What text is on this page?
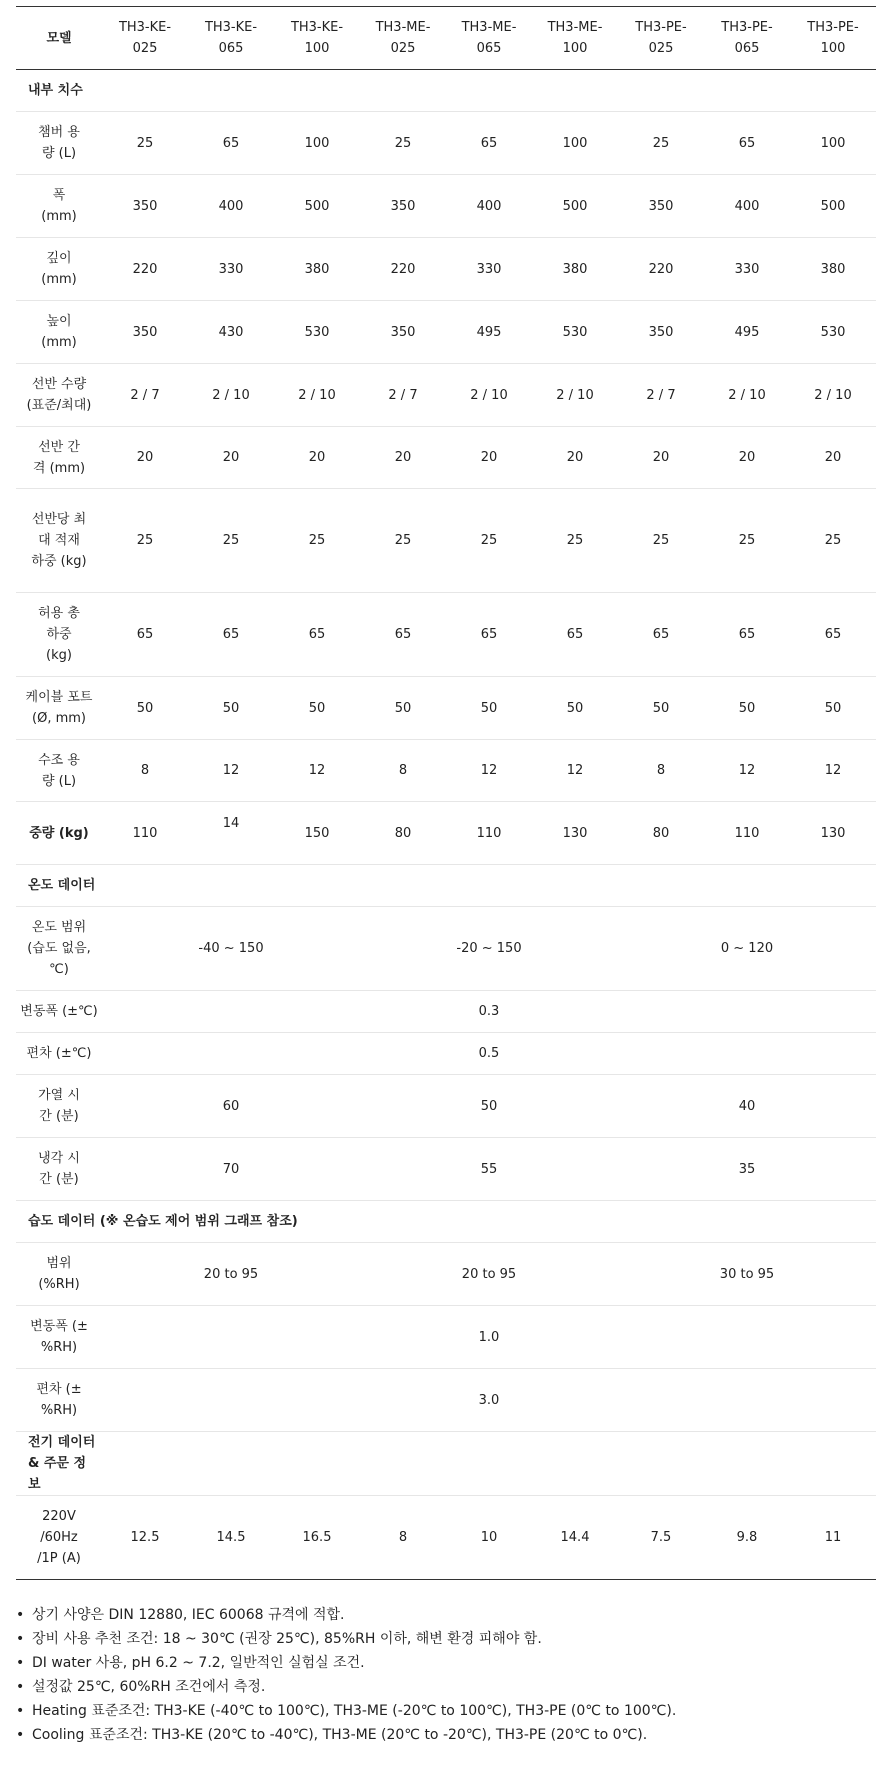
모델	TH3-KE-025	TH3-KE-065	TH3-KE-100	TH3-ME-025	TH3-ME-065	TH3-ME-100	TH3-PE-025	TH3-PE-065	TH3-PE-100
내부 치수									
챔버 용량 (L)	25	65	100	25	65	100	25	65	100
폭 (mm)	350	400	500	350	400	500	350	400	500
깊이 (mm)	220	330	380	220	330	380	220	330	380
높이 (mm)	350	430	530	350	495	530	350	495	530
선반 수량 (표준/최대)	2 / 7	2 / 10	2 / 10	2 / 7	2 / 10	2 / 10	2 / 7	2 / 10	2 / 10
선반 간격 (mm)	20	20	20	20	20	20	20	20	20
선반당 최대 적재 하중 (kg)	25	25	25	25	25	25	25	25	25
허용 총 하중 (kg)	65	65	65	65	65	65	65	65	65
케이블 포트 (Ø, mm)	50	50	50	50	50	50	50	50	50
수조 용량 (L)	8	12	12	8	12	12	8	12	12
중량 (kg)	110	14	150	80	110	130	80	110	130
온도 데이터									
온도 범위 (습도 없음, ℃)	-40 ~ 150			-20 ~ 150			0 ~ 120		
변동폭 (±℃)	0.3								
편차 (±℃)	0.5								
가열 시간 (분)	60			50			40		
냉각 시간 (분)	70			55			35		
습도 데이터 (※ 온습도 제어 범위 그래프 참조)									
범위 (%RH)	20 to 95			20 to 95			30 to 95		
변동폭 (±%RH)	1.0								
편차 (±%RH)	3.0								

전기 데이터 & 주문 정보									

220V /60Hz /1P (A)	12.5	14.5	16.5	8	10	14.4	7.5	9.8	11
• 상기 사양은 DIN 12880, IEC 60068 규격에 적합.
• 장비 사용 추천 조건: 18 ~ 30℃ (권장 25℃), 85%RH 이하, 해변 환경 피해야 함.
• DI water 사용, pH 6.2 ~ 7.2, 일반적인 실험실 조건.
• 설정값 25℃, 60%RH 조건에서 측정.
• Heating 표준조건: TH3-KE (-40℃ to 100℃), TH3-ME (-20℃ to 100℃), TH3-PE (0℃ to 100℃).
• Cooling 표준조건: TH3-KE (20℃ to -40℃), TH3-ME (20℃ to -20℃), TH3-PE (20℃ to 0℃).
